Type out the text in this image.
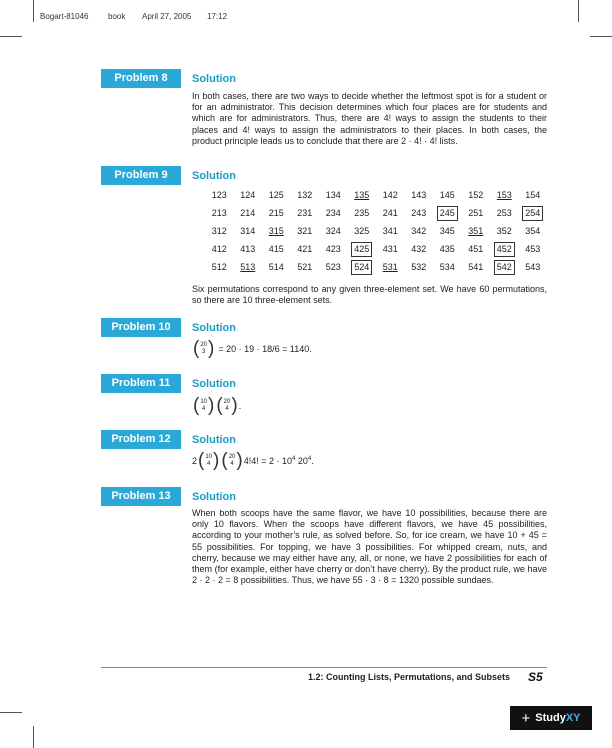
Bogart-81046 book April 27, 2005 17:12
Problem 8	Solution
In both cases, there are two ways to decide whether the leftmost spot is for a student or for an administrator. This decision determines which four places are for students and which are for administrators. Thus, there are 4! ways to assign the students to their places and 4! ways to assign the administrators to their places. In both cases, the product principle leads us to conclude that there are 2 · 4! · 4! lists.
Problem 9	Solution
123	124	125	132	134	135	142	143	145	152	153	154
213	214	215	231	234	235	241	243	245	251	253	254
312	314	315	321	324	325	341	342	345	351	352	354
412	413	415	421	423	425	431	432	435	451	452	453
512	513	514	521	523	524	531	532	534	541	542	543
Six permutations correspond to any given three-element set. We have 60 permutations, so there are 10 three-element sets.
Problem 10	Solution
( 20
3 ) = 20 · 19 · 18/6 = 1140.
Problem 11	Solution
( 10
4 ) ( 20
4 ) .
Problem 12	Solution
2 ( 10
4 ) ( 20
4 ) 4!4! = $2 \cdot 10^4$ $20^4$.
Problem 13	Solution
When both scoops have the same flavor, we have 10 possibilities, because there are only 10 flavors. When the scoops have different flavors, we have 45 possibilities, according to your mother’s rule, as solved before. So, for ice cream, we have 10 + 45 = 55 possibilities. For topping, we have 3 possibilities. For whipped cream, nuts, and cherry, because we may either have any, all, or none, we have 2 possibilities for each of them (for example, either have cherry or don’t have cherry). By the product rule, we have 2 · 2 · 2 = 8 possibilities. Thus, we have 55 · 3 · 8 = 1320 possible sundaes.
1.2: Counting Lists, Permutations, and Subsets S5
+ Study XY
